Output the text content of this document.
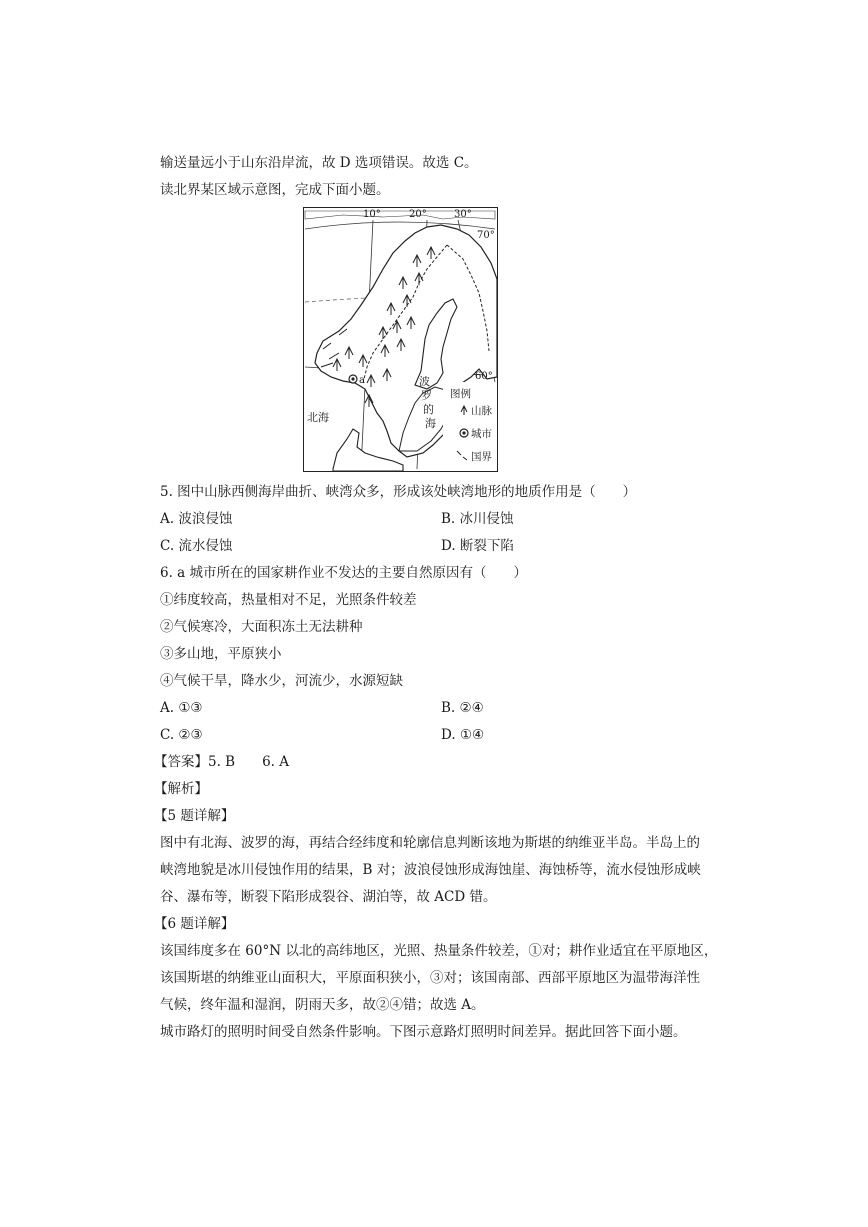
输送量远小于山东沿岸流，故 D 选项错误。故选 C。
读北界某区域示意图，完成下面小题。
a
10°	20°	30°
70°
60°
北海
波
罗
的
海
图例
山脉
城市
国界
5. 图中山脉西侧海岸曲折、峡湾众多，形成该处峡湾地形的地质作用是（　　）
A. 波浪侵蚀	B. 冰川侵蚀
C. 流水侵蚀	D. 断裂下陷
6. a 城市所在的国家耕作业不发达的主要自然原因有（　　）
①纬度较高，热量相对不足，光照条件较差
②气候寒冷，大面积冻土无法耕种
③多山地，平原狭小
④气候干旱，降水少，河流少，水源短缺
A. ①③	B. ②④
C. ②③	D. ①④
【答案】5. B　　6. A
【解析】
【5 题详解】
图中有北海、波罗的海，再结合经纬度和轮廓信息判断该地为斯堪的纳维亚半岛。半岛上的
峡湾地貌是冰川侵蚀作用的结果，B 对；波浪侵蚀形成海蚀崖、海蚀桥等，流水侵蚀形成峡
谷、瀑布等，断裂下陷形成裂谷、湖泊等，故 ACD 错。
【6 题详解】
该国纬度多在 60°N 以北的高纬地区，光照、热量条件较差，①对；耕作业适宜在平原地区，
该国斯堪的纳维亚山面积大，平原面积狭小，③对；该国南部、西部平原地区为温带海洋性
气候，终年温和湿润，阴雨天多，故②④错；故选 A。
城市路灯的照明时间受自然条件影响。下图示意路灯照明时间差异。据此回答下面小题。
